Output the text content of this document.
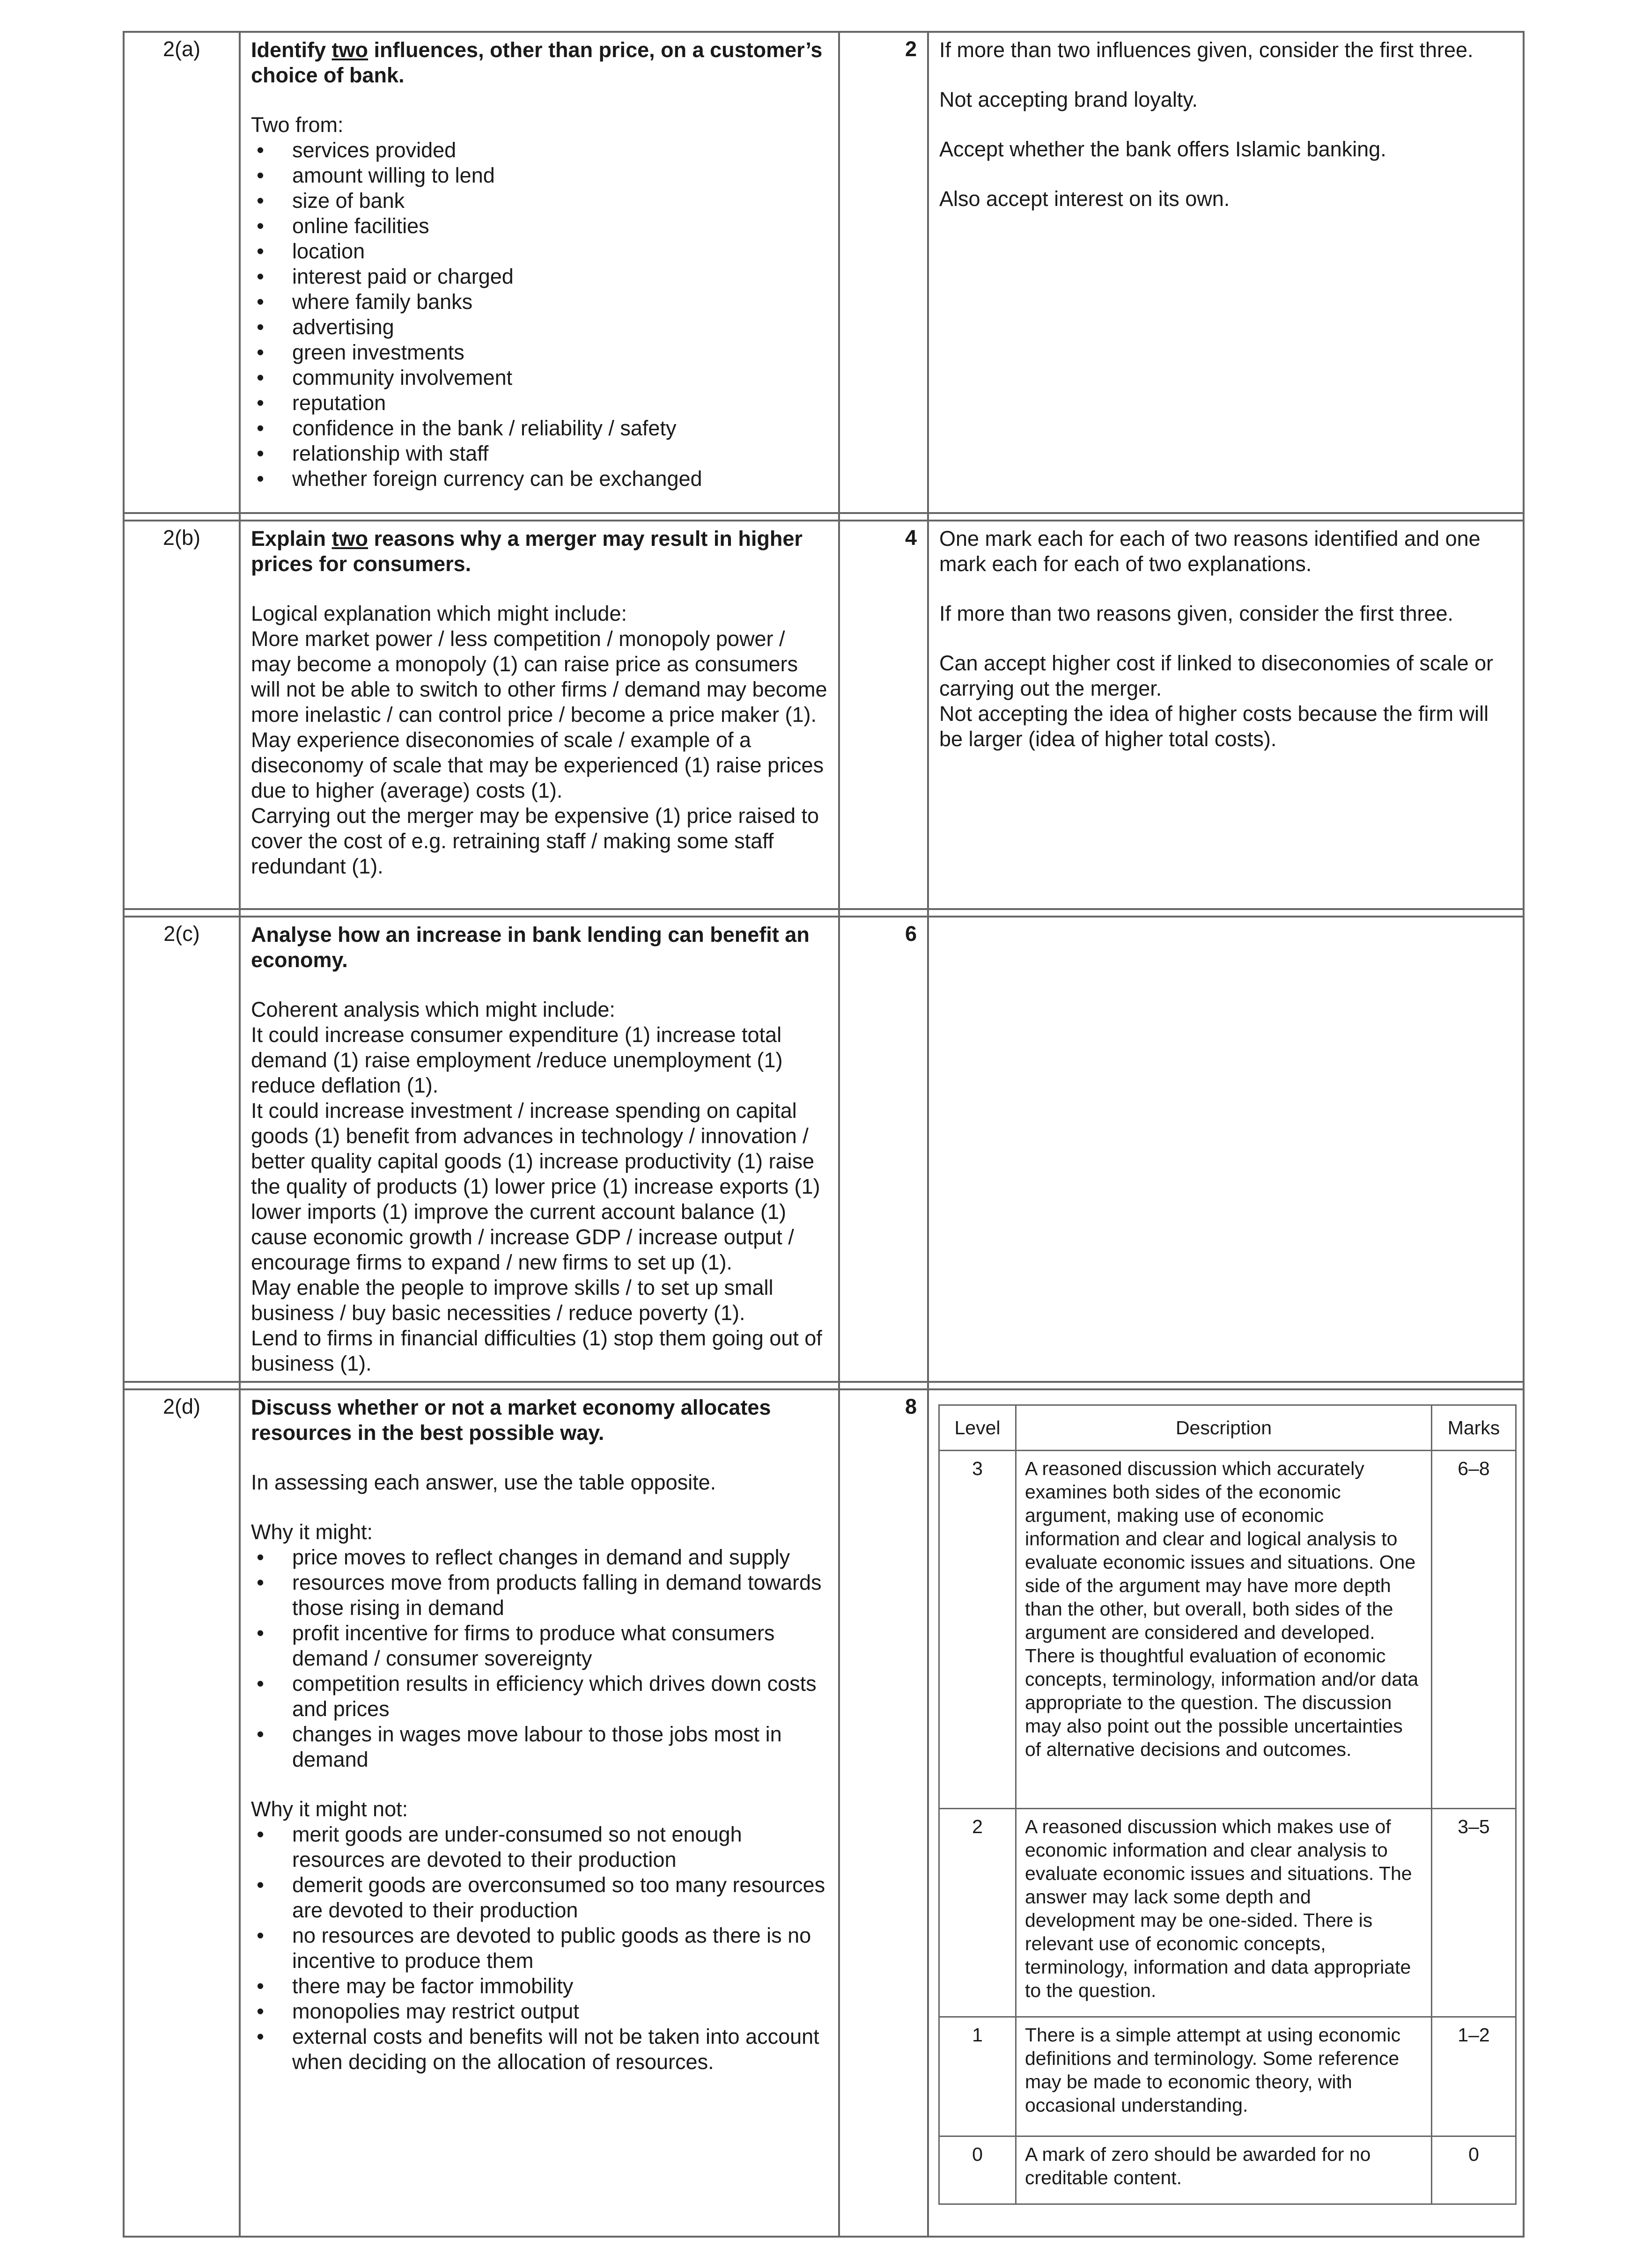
2(a)	Identify two influences, other than price, on a customer’s choice of bank.

Two from:

• services provided
• amount willing to lend
• size of bank
• online facilities
• location
• interest paid or charged
• where family banks
• advertising
• green investments
• community involvement
• reputation
• confidence in the bank / reliability / safety
• relationship with staff
• whether foreign currency can be exchanged
	2	If more than two influences given, consider the first three.

Not accepting brand loyalty.

Accept whether the bank offers Islamic banking.

Also accept interest on its own.

2(b)	Explain two reasons why a merger may result in higher prices for consumers.

Logical explanation which might include:

More market power / less competition / monopoly power / may become a monopoly (1) can raise price as consumers will not be able to switch to other firms / demand may become more inelastic / can control price / become a price maker (1).
May experience diseconomies of scale / example of a diseconomy of scale that may be experienced (1) raise prices due to higher (average) costs (1).
Carrying out the merger may be expensive (1) price raised to cover the cost of e.g. retraining staff / making some staff redundant (1).
	4	One mark each for each of two reasons identified and one mark each for each of two explanations.

If more than two reasons given, consider the first three.

Can accept higher cost if linked to diseconomies of scale or carrying out the merger.
Not accepting the idea of higher costs because the firm will be larger (idea of higher total costs).

2(c)	Analyse how an increase in bank lending can benefit an economy.

Coherent analysis which might include:

It could increase consumer expenditure (1) increase total demand (1) raise employment /reduce unemployment (1) reduce deflation (1).
It could increase investment / increase spending on capital goods (1) benefit from advances in technology / innovation / better quality capital goods (1) increase productivity (1) raise the quality of products (1) lower price (1) increase exports (1) lower imports (1) improve the current account balance (1) cause economic growth / increase GDP / increase output / encourage firms to expand / new firms to set up (1).
May enable the people to improve skills / to set up small business / buy basic necessities / reduce poverty (1).
Lend to firms in financial difficulties (1) stop them going out of business (1).
	6	

2(d)	Discuss whether or not a market economy allocates resources in the best possible way.

In assessing each answer, use the table opposite.

Why it might:

• price moves to reflect changes in demand and supply
• resources move from products falling in demand towards those rising in demand
• profit incentive for firms to produce what consumers demand / consumer sovereignty
• competition results in efficiency which drives down costs and prices
• changes in wages move labour to those jobs most in demand

Why it might not:

• merit goods are under-consumed so not enough resources are devoted to their production
• demerit goods are overconsumed so too many resources are devoted to their production
• no resources are devoted to public goods as there is no incentive to produce them
• there may be factor immobility
• monopolies may restrict output
• external costs and benefits will not be taken into account when deciding on the allocation of resources.
	8	
Level	Description	Marks
3	A reasoned discussion which accurately examines both sides of the economic argument, making use of economic information and clear and logical analysis to evaluate economic issues and situations. One side of the argument may have more depth than the other, but overall, both sides of the argument are considered and developed. There is thoughtful evaluation of economic concepts, terminology, information and/or data appropriate to the question. The discussion may also point out the possible uncertainties of alternative decisions and outcomes.	6–8
2	A reasoned discussion which makes use of economic information and clear analysis to evaluate economic issues and situations. The answer may lack some depth and development may be one-sided. There is relevant use of economic concepts, terminology, information and data appropriate to the question.	3–5
1	There is a simple attempt at using economic definitions and terminology. Some reference may be made to economic theory, with occasional understanding.	1–2
0	A mark of zero should be awarded for no creditable content.	0
